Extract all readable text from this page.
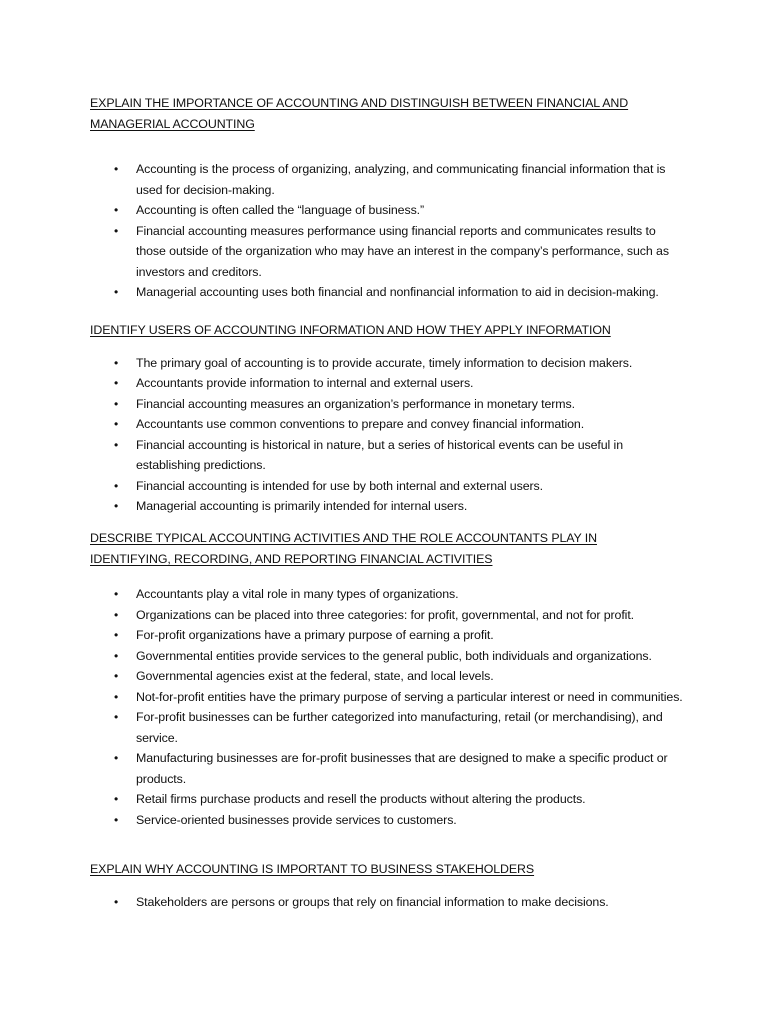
EXPLAIN THE IMPORTANCE OF ACCOUNTING AND DISTINGUISH BETWEEN FINANCIAL AND MANAGERIAL ACCOUNTING
• Accounting is the process of organizing, analyzing, and communicating financial information that is used for decision-making.
• Accounting is often called the “language of business.”
• Financial accounting measures performance using financial reports and communicates results to those outside of the organization who may have an interest in the company’s performance, such as investors and creditors.
• Managerial accounting uses both financial and nonfinancial information to aid in decision-making.
IDENTIFY USERS OF ACCOUNTING INFORMATION AND HOW THEY APPLY INFORMATION
• The primary goal of accounting is to provide accurate, timely information to decision makers.
• Accountants provide information to internal and external users.
• Financial accounting measures an organization’s performance in monetary terms.
• Accountants use common conventions to prepare and convey financial information.
• Financial accounting is historical in nature, but a series of historical events can be useful in establishing predictions.
• Financial accounting is intended for use by both internal and external users.
• Managerial accounting is primarily intended for internal users.
DESCRIBE TYPICAL ACCOUNTING ACTIVITIES AND THE ROLE ACCOUNTANTS PLAY IN IDENTIFYING, RECORDING, AND REPORTING FINANCIAL ACTIVITIES
• Accountants play a vital role in many types of organizations.
• Organizations can be placed into three categories: for profit, governmental, and not for profit.
• For-profit organizations have a primary purpose of earning a profit.
• Governmental entities provide services to the general public, both individuals and organizations.
• Governmental agencies exist at the federal, state, and local levels.
• Not-for-profit entities have the primary purpose of serving a particular interest or need in communities.
• For-profit businesses can be further categorized into manufacturing, retail (or merchandising), and service.
• Manufacturing businesses are for-profit businesses that are designed to make a specific product or products.
• Retail firms purchase products and resell the products without altering the products.
• Service-oriented businesses provide services to customers.
EXPLAIN WHY ACCOUNTING IS IMPORTANT TO BUSINESS STAKEHOLDERS
• Stakeholders are persons or groups that rely on financial information to make decisions.
